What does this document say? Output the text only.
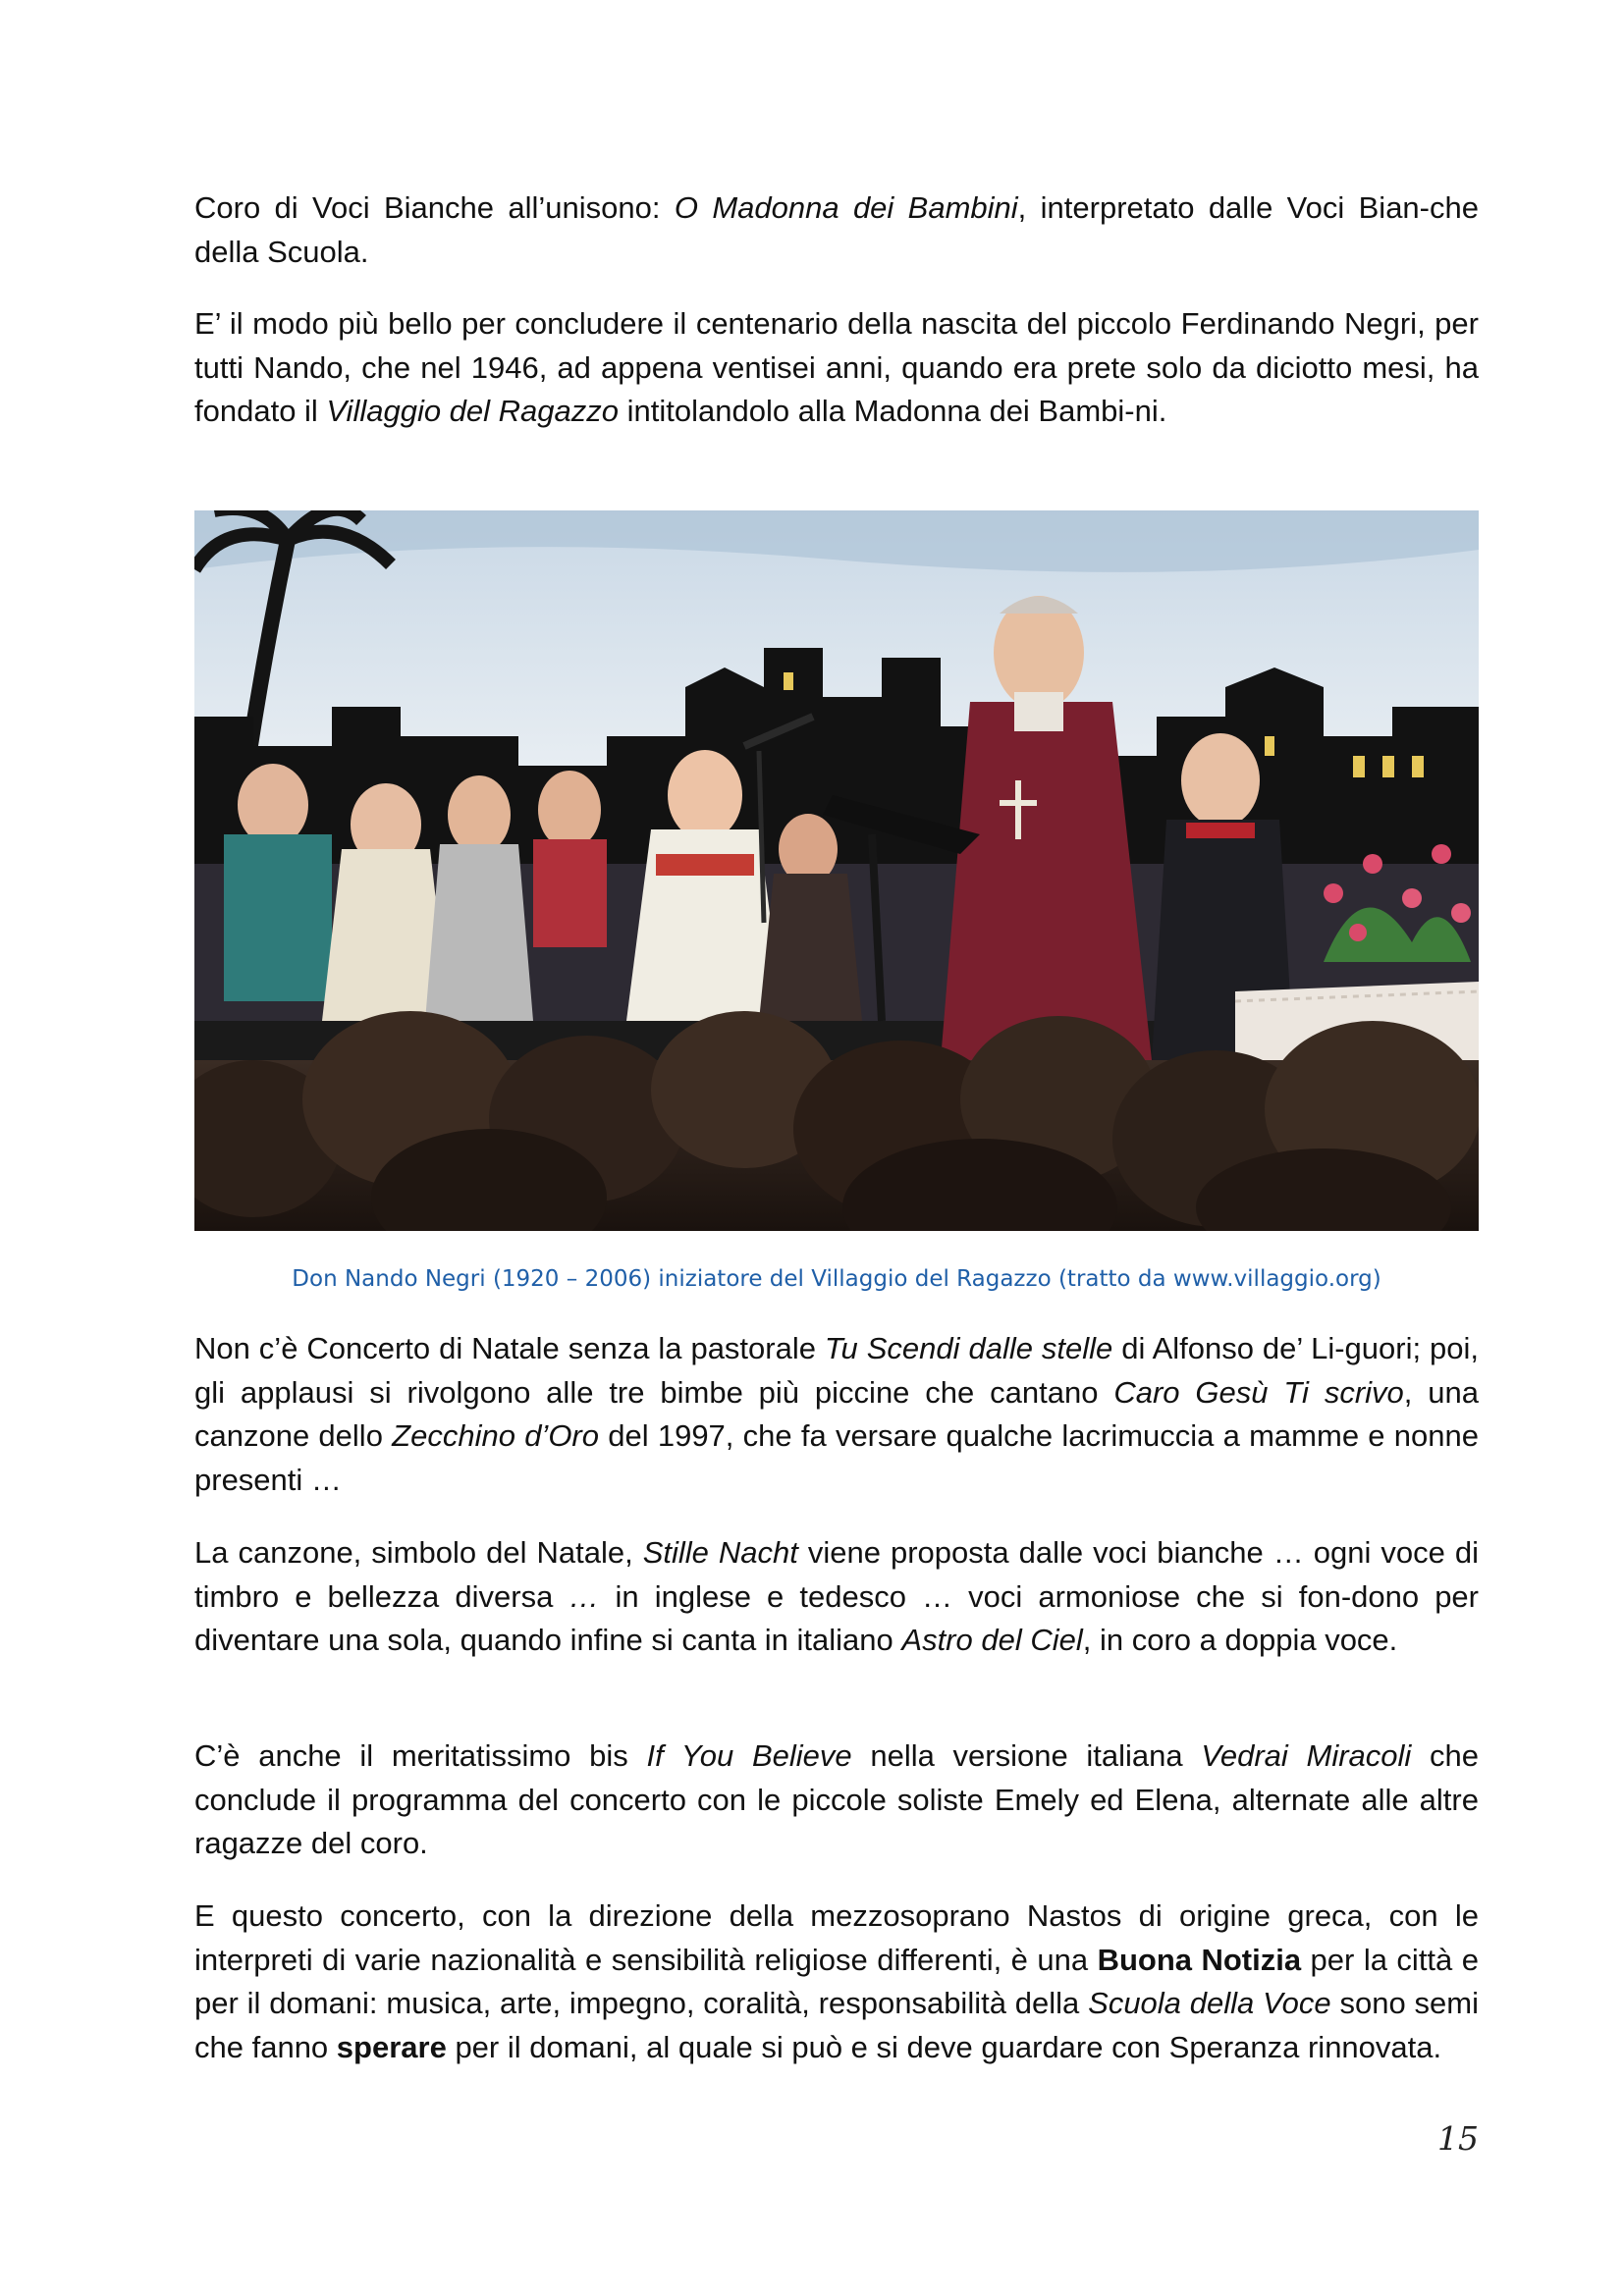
Coro di Voci Bianche all’unisono: O Madonna dei Bambini, interpretato dalle Voci Bian-che della Scuola.

E’ il modo più bello per concludere il centenario della nascita del piccolo Ferdinando Negri, per tutti Nando, che nel 1946, ad appena ventisei anni, quando era prete solo da diciotto mesi, ha fondato il Villaggio del Ragazzo intitolandolo alla Madonna dei Bambi-ni.

Don Nando Negri (1920 – 2006) iniziatore del Villaggio del Ragazzo (tratto da www.villaggio.org)

Non c’è Concerto di Natale senza la pastorale Tu Scendi dalle stelle di Alfonso de’ Li-guori; poi, gli applausi si rivolgono alle tre bimbe più piccine che cantano Caro Gesù Ti scrivo, una canzone dello Zecchino d’Oro del 1997, che fa versare qualche lacrimuccia a mamme e nonne presenti …

La canzone, simbolo del Natale, Stille Nacht viene proposta dalle voci bianche … ogni voce di timbro e bellezza diversa … in inglese e tedesco … voci armoniose che si fon-dono per diventare una sola, quando infine si canta in italiano Astro del Ciel, in coro a doppia voce.

C’è anche il meritatissimo bis If You Believe nella versione italiana Vedrai Miracoli che conclude il programma del concerto con le piccole soliste Emely ed Elena, alternate alle altre ragazze del coro.

E questo concerto, con la direzione della mezzosoprano Nastos di origine greca, con le interpreti di varie nazionalità e sensibilità religiose differenti, è una Buona Notizia per la città e per il domani: musica, arte, impegno, coralità, responsabilità della Scuola della Voce sono semi che fanno sperare per il domani, al quale si può e si deve guardare con Speranza rinnovata.

15
